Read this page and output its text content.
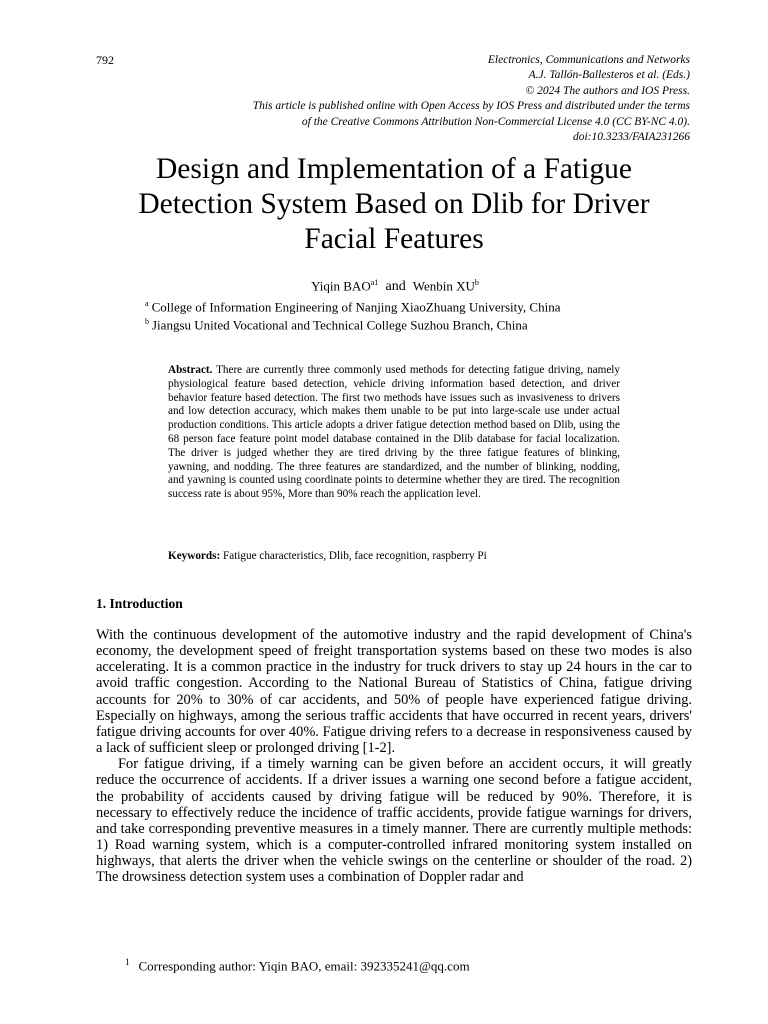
792	Electronics, Communications and Networks
A.J. Tallón-Ballesteros et al. (Eds.)
© 2024 The authors and IOS Press.
This article is published online with Open Access by IOS Press and distributed under the terms
of the Creative Commons Attribution Non-Commercial License 4.0 (CC BY-NC 4.0).
doi:10.3233/FAIA231266
Design and Implementation of a Fatigue
Detection System Based on Dlib for Driver
Facial Features
Yiqin $BAO^{a1}$ and Wenbin $XU^b$
$^a$ College of Information Engineering of Nanjing XiaoZhuang University, China
$^b$ Jiangsu United Vocational and Technical College Suzhou Branch, China
Abstract. There are currently three commonly used methods for detecting fatigue driving, namely physiological feature based detection, vehicle driving information based detection, and driver behavior feature based detection. The first two methods have issues such as invasiveness to drivers and low detection accuracy, which makes them unable to be put into large-scale use under actual production conditions. This article adopts a driver fatigue detection method based on Dlib, using the 68 person face feature point model database contained in the Dlib database for facial localization. The driver is judged whether they are tired driving by the three fatigue features of blinking, yawning, and nodding. The three features are standardized, and the number of blinking, nodding, and yawning is counted using coordinate points to determine whether they are tired. The recognition success rate is about 95%, More than 90% reach the application level.
Keywords: Fatigue characteristics, Dlib, face recognition, raspberry Pi
1. Introduction

With the continuous development of the automotive industry and the rapid development of China's economy, the development speed of freight transportation systems based on these two modes is also accelerating. It is a common practice in the industry for truck drivers to stay up 24 hours in the car to avoid traffic congestion. According to the National Bureau of Statistics of China, fatigue driving accounts for 20% to 30% of car accidents, and 50% of people have experienced fatigue driving. Especially on highways, among the serious traffic accidents that have occurred in recent years, drivers' fatigue driving accounts for over 40%. Fatigue driving refers to a decrease in responsiveness caused by a lack of sufficient sleep or prolonged driving [1-2].

For fatigue driving, if a timely warning can be given before an accident occurs, it will greatly reduce the occurrence of accidents. If a driver issues a warning one second before a fatigue accident, the probability of accidents caused by driving fatigue will be reduced by 90%. Therefore, it is necessary to effectively reduce the incidence of traffic accidents, provide fatigue warnings for drivers, and take corresponding preventive measures in a timely manner. There are currently multiple methods: 1) Road warning system, which is a computer-controlled infrared monitoring system installed on highways, that alerts the driver when the vehicle swings on the centerline or shoulder of the road. 2) The drowsiness detection system uses a combination of Doppler radar and

$^1$ Corresponding author: Yiqin BAO, email: 392335241@qq.com
